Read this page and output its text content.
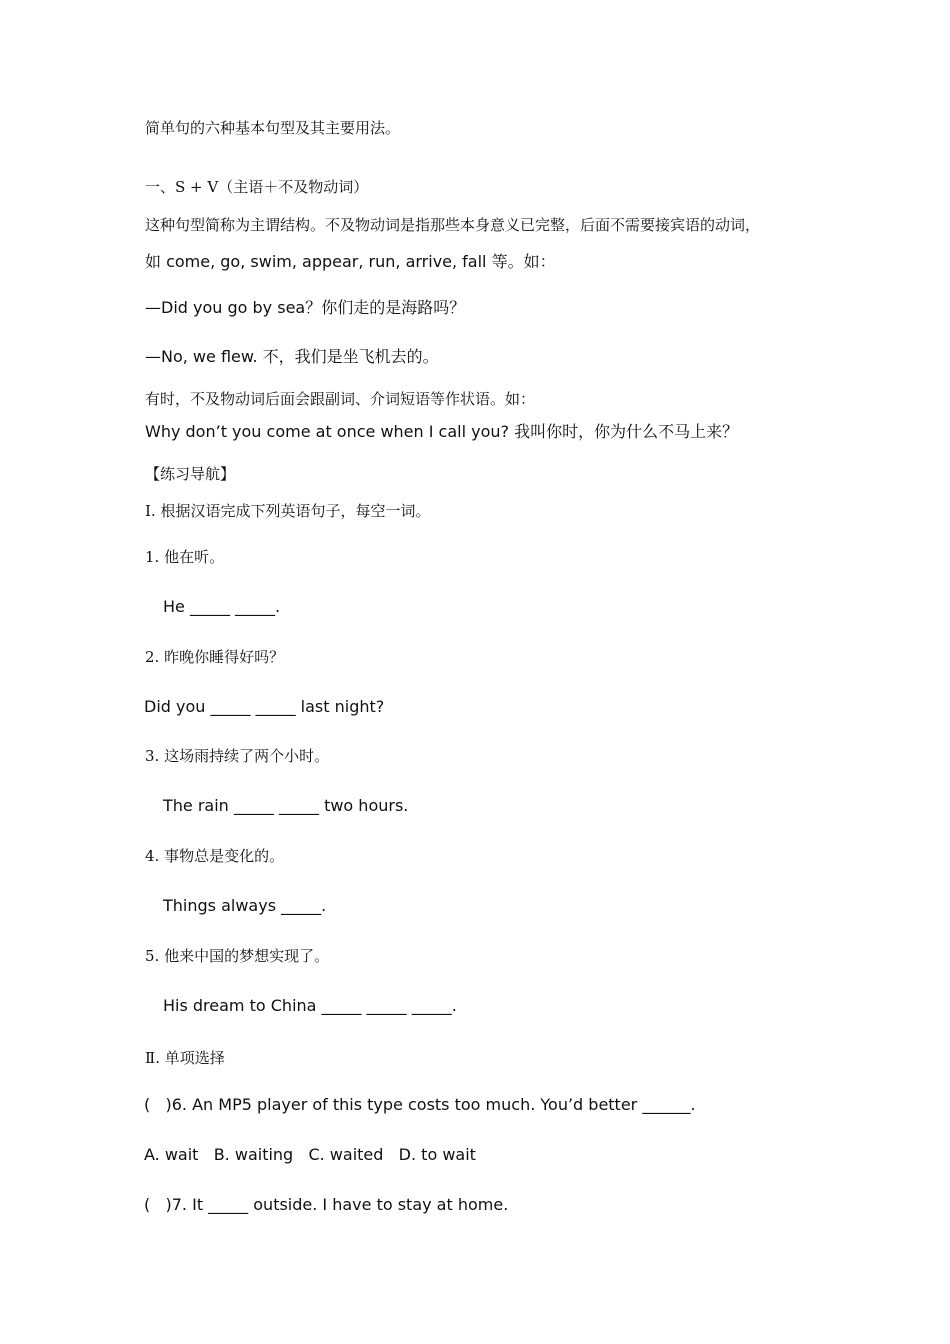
简单句的六种基本句型及其主要用法。
一、S + V（主语＋不及物动词）
这种句型简称为主谓结构。不及物动词是指那些本身意义已完整，后面不需要接宾语的动词，
如 come, go, swim, appear, run, arrive, fall 等。如：
—Did you go by sea？你们走的是海路吗？
—No, we flew. 不，我们是坐飞机去的。
有时，不及物动词后面会跟副词、介词短语等作状语。如：
Why don’t you come at once when I call you? 我叫你时，你为什么不马上来？
【练习导航】
Ⅰ. 根据汉语完成下列英语句子，每空一词。
1. 他在听。
He _____ _____.
2. 昨晚你睡得好吗？
Did you _____ _____ last night?
3. 这场雨持续了两个小时。
The rain _____ _____ two hours.
4. 事物总是变化的。
Things always _____.
5. 他来中国的梦想实现了。
His dream to China _____ _____ _____.
Ⅱ. 单项选择
(   )6. An MP5 player of this type costs too much. You’d better ______.
A. wait   B. waiting   C. waited   D. to wait
(   )7. It _____ outside. I have to stay at home.
